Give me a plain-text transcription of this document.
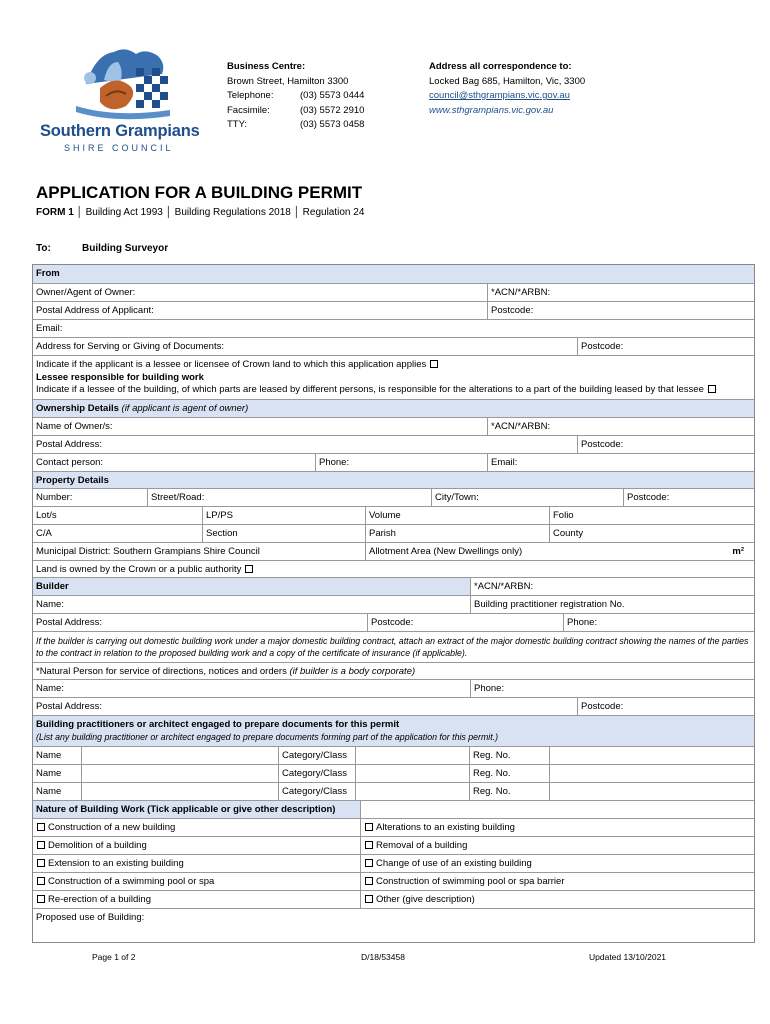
Southern Grampians
SHIRE COUNCIL
Business Centre:
Brown Street, Hamilton 3300
Telephone:	(03) 5573 0444
Facsimile:	(03) 5572 2910
TTY:	(03) 5573 0458
Address all correspondence to:
Locked Bag 685, Hamilton, Vic, 3300
council@sthgrampians.vic.gov.au
www.sthgrampians.vic.gov.au
APPLICATION FOR A BUILDING PERMIT
FORM 1 │ Building Act 1993 │ Building Regulations 2018 │ Regulation 24
To:	Building Surveyor
From
Owner/Agent of Owner:	*ACN/*ARBN:
Postal Address of Applicant:	Postcode:
Email:
Address for Serving or Giving of Documents:	Postcode:
Indicate if the applicant is a lessee or licensee of Crown land to which this application applies
Lessee responsible for building work
Indicate if a lessee of the building, of which parts are leased by different persons, is responsible for the alterations to a part of the building leased by that lessee
Ownership Details (if applicant is agent of owner)
Name of Owner/s:	*ACN/*ARBN:
Postal Address:	Postcode:
Contact person:	Phone:	Email:
Property Details
Number:	Street/Road:	City/Town:	Postcode:
Lot/s	LP/PS	Volume	Folio
C/A	Section	Parish	County
Municipal District: Southern Grampians Shire Council	Allotment Area (New Dwellings only)	m²
Land is owned by the Crown or a public authority
Builder	*ACN/*ARBN:
Name:	Building practitioner registration No.
Postal Address:	Postcode:	Phone:
If the builder is carrying out domestic building work under a major domestic building contract, attach an extract of the major domestic building contract showing the names of the parties to the contract in relation to the proposed building work and a copy of the certificate of insurance (if applicable).
*Natural Person for service of directions, notices and orders (if builder is a body corporate)
Name:	Phone:
Postal Address:	Postcode:
Building practitioners or architect engaged to prepare documents for this permit
(List any building practitioner or architect engaged to prepare documents forming part of the application for this permit.)
Name	Category/Class	Reg. No.
Name	Category/Class	Reg. No.
Name	Category/Class	Reg. No.
Nature of Building Work (Tick applicable or give other description)
Construction of a new building	Alterations to an existing building
Demolition of a building	Removal of a building
Extension to an existing building	Change of use of an existing building
Construction of a swimming pool or spa	Construction of swimming pool or spa barrier
Re-erection of a building	Other (give description)
Proposed use of Building:
Page 1 of 2	D/18/53458	Updated 13/10/2021
